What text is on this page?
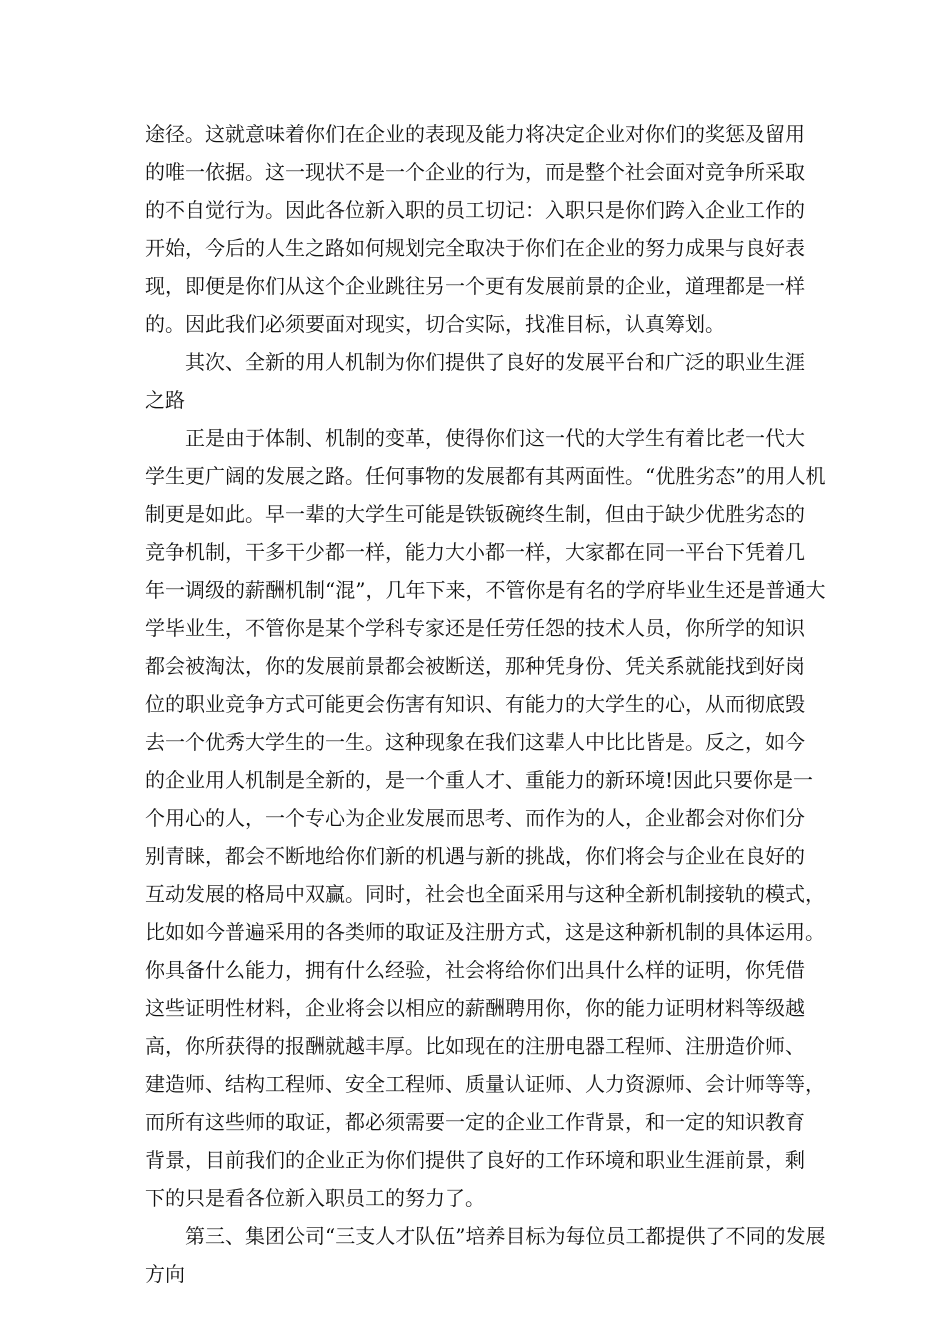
途径。这就意味着你们在企业的表现及能力将决定企业对你们的奖惩及留用
的唯一依据。这一现状不是一个企业的行为，而是整个社会面对竞争所采取
的不自觉行为。因此各位新入职的员工切记：入职只是你们跨入企业工作的
开始，今后的人生之路如何规划完全取决于你们在企业的努力成果与良好表
现，即便是你们从这个企业跳往另一个更有发展前景的企业，道理都是一样
的。因此我们必须要面对现实，切合实际，找准目标，认真筹划。
其次、全新的用人机制为你们提供了良好的发展平台和广泛的职业生涯
之路
正是由于体制、机制的变革，使得你们这一代的大学生有着比老一代大
学生更广阔的发展之路。任何事物的发展都有其两面性。“优胜劣态”的用人机
制更是如此。早一辈的大学生可能是铁钣碗终生制，但由于缺少优胜劣态的
竞争机制，干多干少都一样，能力大小都一样，大家都在同一平台下凭着几
年一调级的薪酬机制“混”，几年下来，不管你是有名的学府毕业生还是普通大
学毕业生，不管你是某个学科专家还是任劳任怨的技术人员，你所学的知识
都会被淘汰，你的发展前景都会被断送，那种凭身份、凭关系就能找到好岗
位的职业竞争方式可能更会伤害有知识、有能力的大学生的心，从而彻底毁
去一个优秀大学生的一生。这种现象在我们这辈人中比比皆是。反之，如今
的企业用人机制是全新的，是一个重人才、重能力的新环境!因此只要你是一
个用心的人，一个专心为企业发展而思考、而作为的人，企业都会对你们分
别青睐，都会不断地给你们新的机遇与新的挑战，你们将会与企业在良好的
互动发展的格局中双赢。同时，社会也全面采用与这种全新机制接轨的模式，
比如如今普遍采用的各类师的取证及注册方式，这是这种新机制的具体运用。
你具备什么能力，拥有什么经验，社会将给你们出具什么样的证明，你凭借
这些证明性材料，企业将会以相应的薪酬聘用你，你的能力证明材料等级越
高，你所获得的报酬就越丰厚。比如现在的注册电器工程师、注册造价师、
建造师、结构工程师、安全工程师、质量认证师、人力资源师、会计师等等，
而所有这些师的取证，都必须需要一定的企业工作背景，和一定的知识教育
背景，目前我们的企业正为你们提供了良好的工作环境和职业生涯前景，剩
下的只是看各位新入职员工的努力了。
第三、集团公司“三支人才队伍”培养目标为每位员工都提供了不同的发展
方向
